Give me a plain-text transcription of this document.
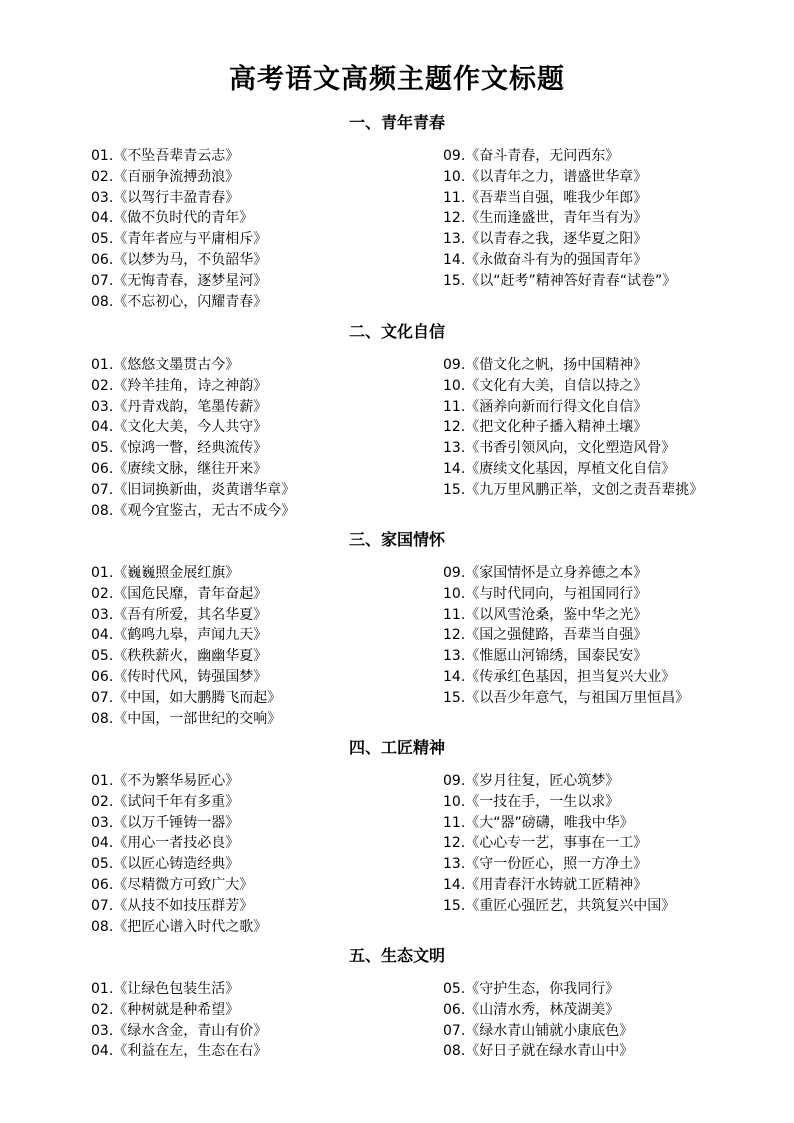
高考语文高频主题作文标题
一、青年青春
01.《不坠吾辈青云志》
02.《百丽争流搏劲浪》
03.《以驾行丰盈青春》
04.《做不负时代的青年》
05.《青年者应与平庸相斥》
06.《以梦为马，不负韶华》
07.《无悔青春，逐梦星河》
08.《不忘初心，闪耀青春》
09.《奋斗青春，无问西东》
10.《以青年之力，谱盛世华章》
11.《吾辈当自强，唯我少年郎》
12.《生而逢盛世，青年当有为》
13.《以青春之我，逐华夏之阳》
14.《永做奋斗有为的强国青年》
15.《以“赶考”精神答好青春“试卷”》
二、文化自信
01.《悠悠文墨贯古今》
02.《羚羊挂角，诗之神韵》
03.《丹青戏韵，笔墨传薪》
04.《文化大美，今人共守》
05.《惊鸿一瞥，经典流传》
06.《赓续文脉，继往开来》
07.《旧词换新曲，炎黄谱华章》
08.《观今宜鉴古，无古不成今》
09.《借文化之帆，扬中国精神》
10.《文化有大美，自信以持之》
11.《涵养向新而行得文化自信》
12.《把文化种子播入精神土壤》
13.《书香引领风向，文化塑造风骨》
14.《赓续文化基因，厚植文化自信》
15.《九万里风鹏正举，文创之责吾辈挑》
三、家国情怀
01.《巍巍照金展红旗》
02.《国危民靡，青年奋起》
03.《吾有所爱，其名华夏》
04.《鹤鸣九皋，声闻九天》
05.《秩秩薪火，幽幽华夏》
06.《传时代风，铸强国梦》
07.《中国，如大鹏腾飞而起》
08.《中国，一部世纪的交响》
09.《家国情怀是立身养德之本》
10.《与时代同向，与祖国同行》
11.《以风雪沧桑，鉴中华之光》
12.《国之强健路，吾辈当自强》
13.《惟愿山河锦绣，国泰民安》
14.《传承红色基因，担当复兴大业》
15.《以吾少年意气，与祖国万里恒昌》
四、工匠精神
01.《不为繁华易匠心》
02.《试问千年有多重》
03.《以万千锤铸一器》
04.《用心一者技必良》
05.《以匠心铸造经典》
06.《尽精微方可致广大》
07.《从技不如技压群芳》
08.《把匠心谱入时代之歌》
09.《岁月往复，匠心筑梦》
10.《一技在手，一生以求》
11.《大“器”磅礴，唯我中华》
12.《心心专一艺，事事在一工》
13.《守一份匠心，照一方净土》
14.《用青春汗水铸就工匠精神》
15.《重匠心强匠艺，共筑复兴中国》
五、生态文明
01.《让绿色包装生活》
02.《种树就是种希望》
03.《绿水含金，青山有价》
04.《利益在左，生态在右》
05.《守护生态，你我同行》
06.《山清水秀，林茂湖美》
07.《绿水青山铺就小康底色》
08.《好日子就在绿水青山中》
